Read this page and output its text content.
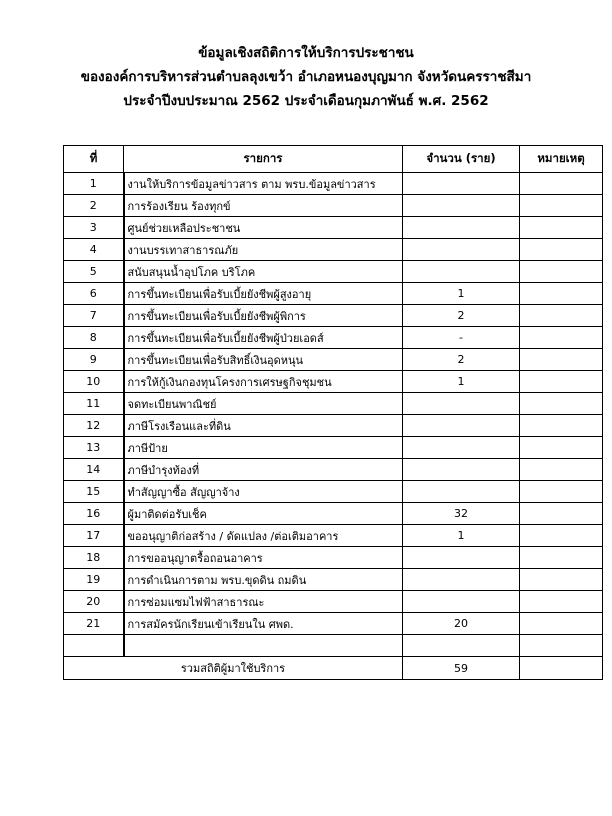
ข้อมูลเชิงสถิติการให้บริการประชาชน
ขององค์การบริหารส่วนตำบลลุงเขว้า อำเภอหนองบุญมาก จังหวัดนครราชสีมา
ประจำปีงบประมาณ 2562 ประจำเดือนกุมภาพันธ์ พ.ศ. 2562
ที่	รายการ	จำนวน (ราย)	หมายเหตุ
1	งานให้บริการข้อมูลข่าวสาร ตาม พรบ.ข้อมูลข่าวสาร		
2	การร้องเรียน ร้องทุกข์		
3	ศูนย์ช่วยเหลือประชาชน		
4	งานบรรเทาสาธารณภัย		
5	สนับสนุนน้ำอุปโภค บริโภค		
6	การขึ้นทะเบียนเพื่อรับเบี้ยยังชีพผู้สูงอายุ	1	
7	การขึ้นทะเบียนเพื่อรับเบี้ยยังชีพผู้พิการ	2	
8	การขึ้นทะเบียนเพื่อรับเบี้ยยังชีพผู้ป่วยเอดส์	-	
9	การขึ้นทะเบียนเพื่อรับสิทธิ์เงินอุดหนุน	2	
10	การให้กู้เงินกองทุนโครงการเศรษฐกิจชุมชน	1	
11	จดทะเบียนพาณิชย์		
12	ภาษีโรงเรือนและที่ดิน		
13	ภาษีป้าย		
14	ภาษีบำรุงท้องที่		
15	ทำสัญญาซื้อ สัญญาจ้าง		
16	ผู้มาติดต่อรับเช็ค	32	
17	ขออนุญาติก่อสร้าง / ดัดแปลง /ต่อเติมอาคาร	1	
18	การขออนุญาตรื้อถอนอาคาร		
19	การดำเนินการตาม พรบ.ขุดดิน ถมดิน		
20	การซ่อมแซมไฟฟ้าสาธารณะ		
21	การสมัครนักเรียนเข้าเรียนใน ศพด.	20	

รวมสถิติผู้มาใช้บริการ		59	
